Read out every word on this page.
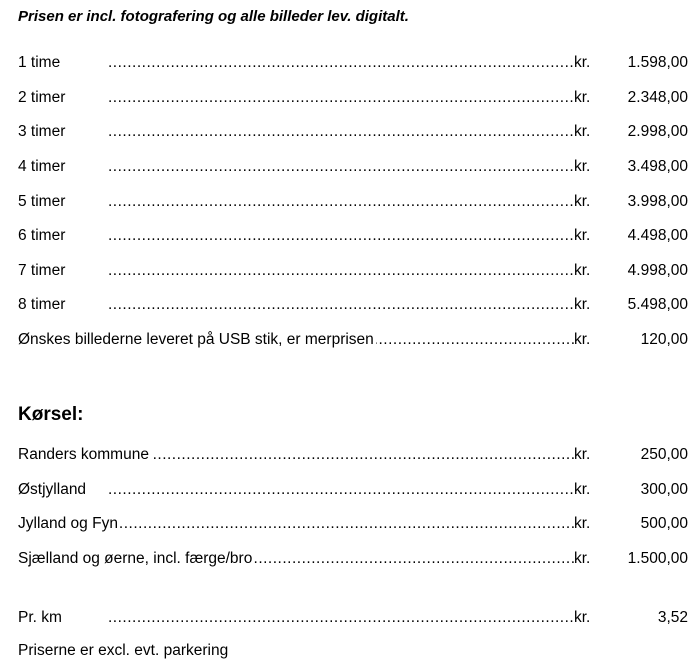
Prisen er incl. fotografering og alle billeder lev. digitalt.
1 time .....	kr. 1.598,00
2 timer .....	kr. 2.348,00
3 timer .....	kr. 2.998,00
4 timer .....	kr. 3.498,00
5 timer .....	kr. 3.998,00
6 timer .....	kr. 4.498,00
7 timer .....	kr. 4.998,00
8 timer .....	kr. 5.498,00
Ønskes billederne leveret på USB stik, er merprisen .....	kr.	120,00
Kørsel:
Randers kommune .....	kr.	250,00
Østjylland .....	kr.	300,00
Jylland og Fyn .....	kr.	500,00
Sjælland og øerne, incl. færge/bro .....	kr. 1.500,00
Pr. km .....	kr.	3,52
Priserne er excl. evt. parkering
